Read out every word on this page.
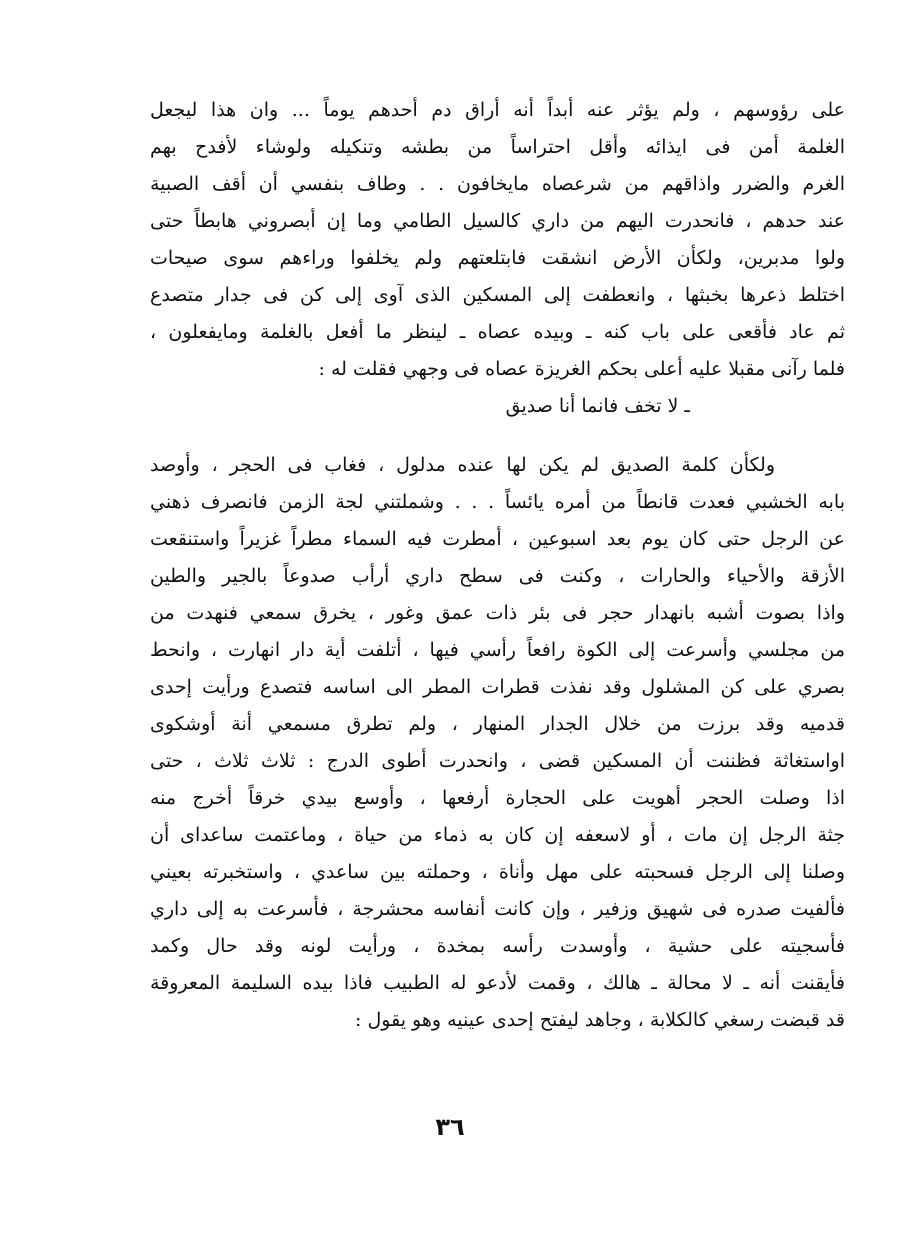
على رؤوسهم ، ولم يؤثر عنه أبداً أنه أراق دم أحدهم يوماً ... وان هذا ليجعل
الغلمة أمن فى ايذائه وأقل احتراساً من بطشه وتنكيله ولوشاء لأفدح بهم
الغرم والضرر واذاقهم من شرعصاه مايخافون . . وطاف بنفسي أن أقف الصبية
عند حدهم ، فانحدرت اليهم من داري كالسيل الطامي وما إن أبصروني هابطاً حتى
ولوا مدبرين، ولكأن الأرض انشقت فابتلعتهم ولم يخلفوا وراءهم سوى صيحات
اختلط ذعرها بخبثها ، وانعطفت إلى المسكين الذى آوى إلى كن فى جدار متصدع
ثم عاد فأقعى على باب كنه ـ وبيده عصاه ـ لينظر ما أفعل بالغلمة ومايفعلون ،
فلما رآنى مقبلا عليه أعلى بحكم الغريزة عصاه فى وجهي فقلت له :
ـ لا تخف فانما أنا صديق
ولكأن كلمة الصديق لم يكن لها عنده مدلول ، فغاب فى الحجر ، وأوصد
بابه الخشبي فعدت قانطاً من أمره يائساً . . . وشملتني لجة الزمن فانصرف ذهني
عن الرجل حتى كان يوم بعد اسبوعين ، أمطرت فيه السماء مطراً غزيراً واستنقعت
الأزقة والأحياء والحارات ، وكنت فى سطح داري أرأب صدوعاً بالجير والطين
واذا بصوت أشبه بانهدار حجر فى بئر ذات عمق وغور ، يخرق سمعي فنهدت من
من مجلسي وأسرعت إلى الكوة رافعاً رأسي فيها ، أتلفت أية دار انهارت ، وانحط
بصري على كن المشلول وقد نفذت قطرات المطر الى اساسه فتصدع ورأيت إحدى
قدميه وقد برزت من خلال الجدار المنهار ، ولم تطرق مسمعي أنة أوشكوى
اواستغاثة فظننت أن المسكين قضى ، وانحدرت أطوى الدرج : ثلاث ثلاث ، حتى
اذا وصلت الحجر أهويت على الحجارة أرفعها ، وأوسع بيدي خرقاً أخرج منه
جثة الرجل إن مات ، أو لاسعفه إن كان به ذماء من حياة ، وماعتمت ساعداى أن
وصلنا إلى الرجل فسحبته على مهل وأناة ، وحملته بين ساعدي ، واستخبرته بعيني
فألفيت صدره فى شهيق وزفير ، وإن كانت أنفاسه محشرجة ، فأسرعت به إلى داري
فأسجيته على حشية ، وأوسدت رأسه بمخدة ، ورأيت لونه وقد حال وكمد
فأيقنت أنه ـ لا محالة ـ هالك ، وقمت لأدعو له الطبيب فاذا بيده السليمة المعروقة
قد قبضت رسغي كالكلابة ، وجاهد ليفتح إحدى عينيه وهو يقول :
٣٦
